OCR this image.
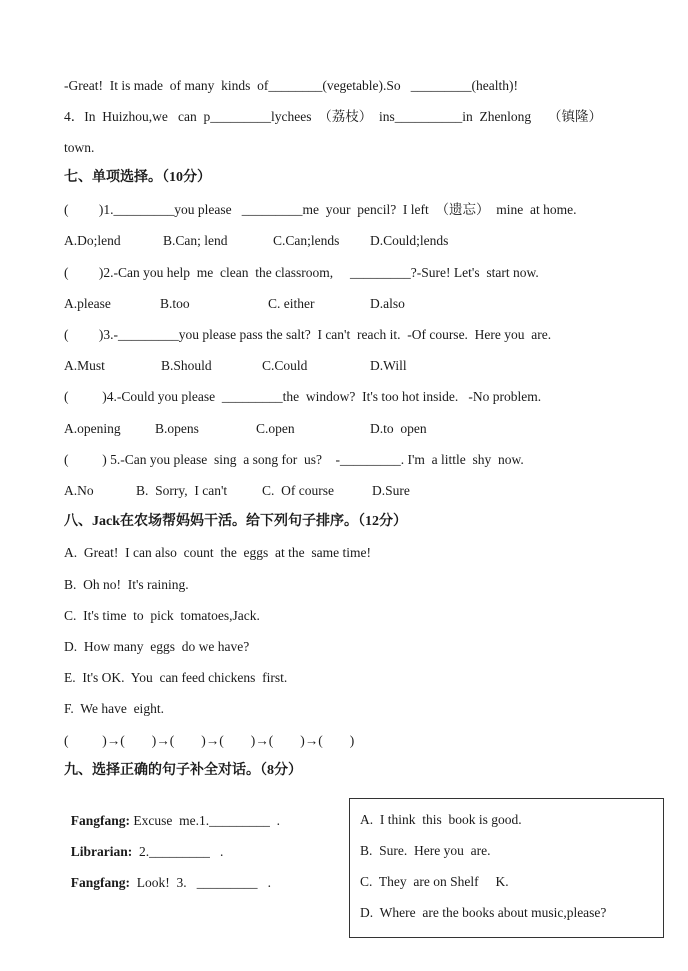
-Great!  It is made  of many  kinds  of________(vegetable).So   _________(health)!
4．In  Huizhou,we   can  p_________lychees  （荔枝）  ins__________in  Zhenlong     （镇隆）
town.
七、单项选择。（10分）
(         )1._________you please   _________me  your  pencil?  I left  （遗忘）  mine  at home.

A.Do;lend

	B.Can; lend

	C.Can;lends

D.Could;lends

(         )2.-Can you help  me  clean  the classroom,     _________?-Sure! Let's  start now.

A.please

	B.too

	C. either

	D.also

(         )3.-_________you please pass the salt?  I can't  reach it.  -Of course.  Here you  are.

A.Must

	B.Should

	C.Could

	D.Will

(          )4.-Could you please  _________the  window?  It's too hot inside.   -No problem.

A.opening

	B.opens

	C.open

	D.to  open

(          ) 5.-Can you please  sing  a song for  us?    -_________. I'm  a little  shy  now.

A.No

	B.  Sorry,  I can't

	C.  Of course

	D.Sure

八、Jack在农场帮妈妈干活。给下列句子排序。（12分）
A.  Great!  I can also  count  the  eggs  at the  same time!
B.  Oh no!  It's raining.
C.  It's time  to  pick  tomatoes,Jack.
D.  How many  eggs  do we have?
E.  It's OK.  You  can feed chickens  first.
F.  We have  eight.
(          )→(        )→(        )→(        )→(        )→(        )
九、选择正确的句子补全对话。（8分）

Fangfang: Excuse  me.1._________  .

Librarian:  2._________   .

Fangfang:  Look!  3.   _________   .

A.  I think  this  book is good.
B.  Sure.  Here you  are.
C.  They  are on Shelf     K.
D.  Where  are the books about music,please?
